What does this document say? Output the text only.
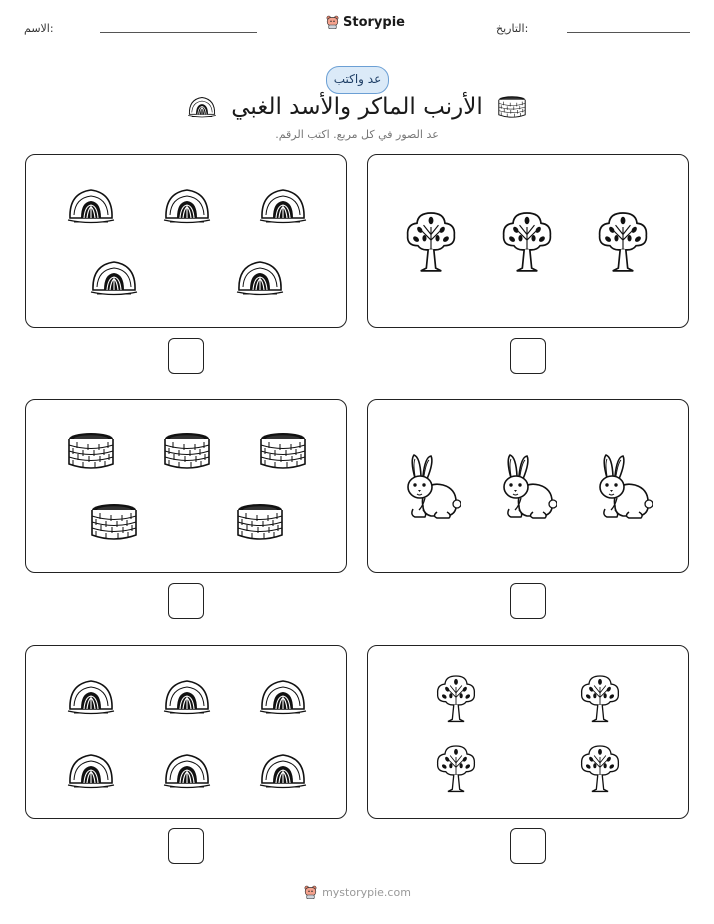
الاسم:	Storypie	التاريخ:
عد واكتب
الأرنب الماكر والأسد الغبي
عد الصور في كل مربع. اكتب الرقم.
mystorypie.com
